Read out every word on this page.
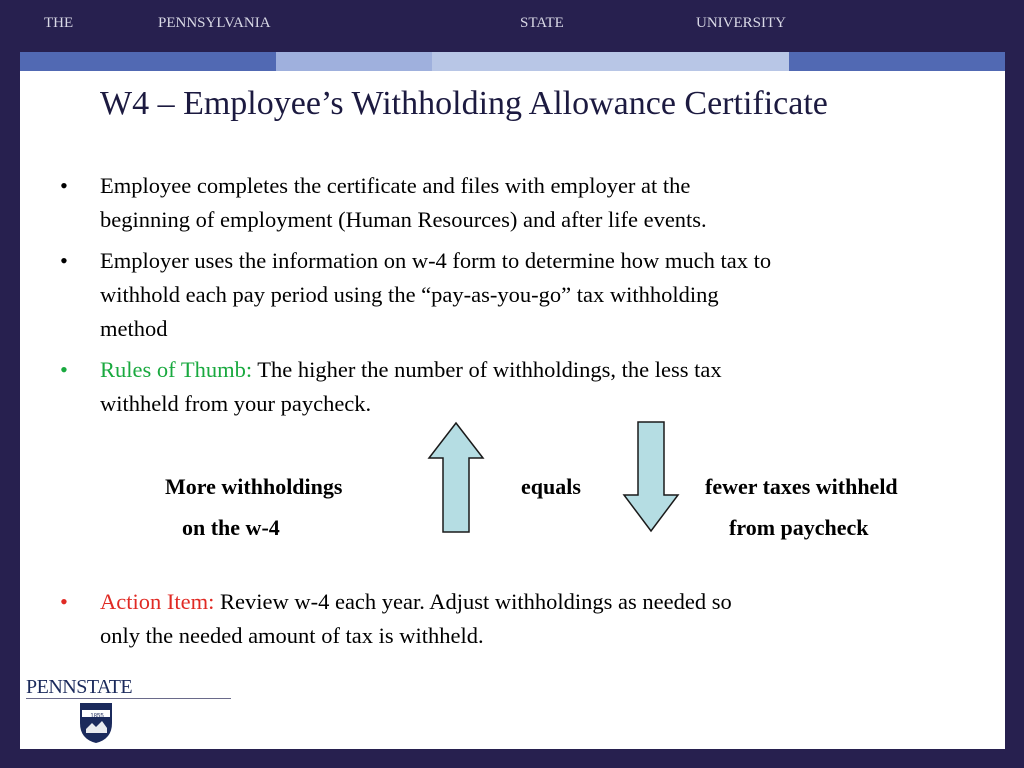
THE	PENNSYLVANIA	STATE	UNIVERSITY
W4 – Employee’s Withholding Allowance Certificate
• Employee completes the certificate and files with employer at the
beginning of employment (Human Resources) and after life events.
• Employer uses the information on w-4 form to determine how much tax to
withhold each pay period using the “pay-as-you-go” tax withholding
method
• Rules of Thumb: The higher the number of withholdings, the less tax
withheld from your paycheck.
More withholdings
on the w-4
equals	fewer taxes withheld
from paycheck
• Action Item: Review w-4 each year. Adjust withholdings as needed so
only the needed amount of tax is withheld.
PENNSTATE
1855
